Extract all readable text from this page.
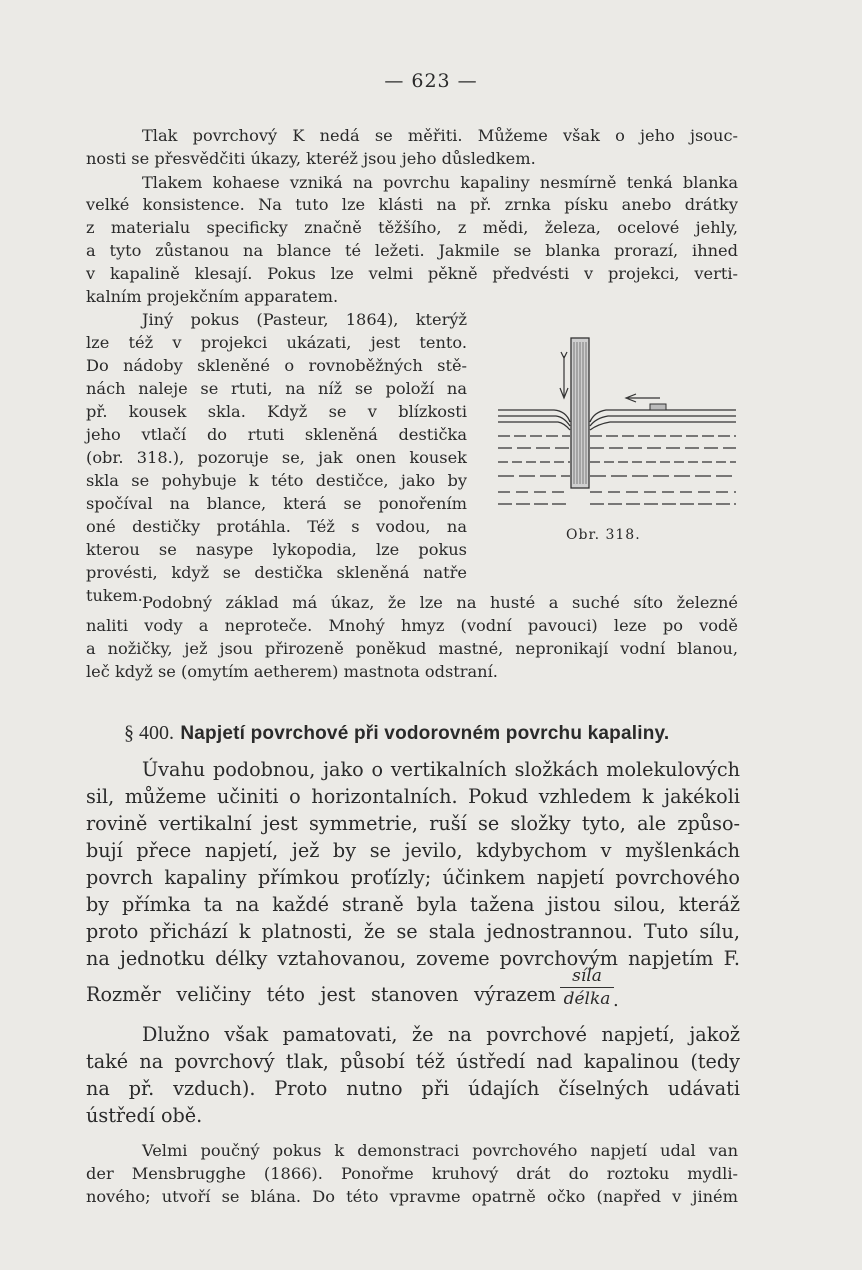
— 623 —
Tlak povrchový K nedá se měřiti. Můžeme však o jeho jsouc-
nosti se přesvědčiti úkazy, kteréž jsou jeho důsledkem.
Tlakem kohaese vzniká na povrchu kapaliny nesmírně tenká blanka
velké konsistence. Na tuto lze klásti na př. zrnka písku anebo drátky
z materialu specificky značně těžšího, z mědi, železa, ocelové jehly,
a tyto zůstanou na blance té ležeti. Jakmile se blanka prorazí, ihned
v kapalině klesají. Pokus lze velmi pěkně předvésti v projekci, verti-
kalním projekčním apparatem.
Jiný pokus (Pasteur, 1864), kterýž
lze též v projekci ukázati, jest tento.
Do nádoby skleněné o rovnoběžných stě-
nách naleje se rtuti, na níž se položí na
př. kousek skla. Když se v blízkosti
jeho vtlačí do rtuti skleněná destička
(obr. 318.), pozoruje se, jak onen kousek
skla se pohybuje k této destičce, jako by
spočíval na blance, která se ponořením
oné destičky protáhla. Též s vodou, na
kterou se nasype lykopodia, lze pokus
provésti, když se destička skleněná natře
tukem.
Obr. 318.
Podobný základ má úkaz, že lze na husté a suché síto železné
naliti vody a neproteče. Mnohý hmyz (vodní pavouci) leze po vodě
a nožičky, jež jsou přirozeně poněkud mastné, nepronikají vodní blanou,
leč když se (omytím aetherem) mastnota odstraní.
§ 400. Napjetí povrchové při vodorovném povrchu kapaliny.
Úvahu podobnou, jako o vertikalních složkách molekulových
sil, můžeme učiniti o horizontalních. Pokud vzhledem k jakékoli
rovině vertikalní jest symmetrie, ruší se složky tyto, ale způso-
bují přece napjetí, jež by se jevilo, kdybychom v myšlenkách
povrch kapaliny přímkou proťízly; účinkem napjetí povrchového
by přímka ta na každé straně byla tažena jistou silou, kteráž
proto přichází k platnosti, že se stala jednostrannou. Tuto sílu,
na jednotku délky vztahovanou, zoveme povrchovým napjetím F.
Rozměr veličiny této jest stanoven výrazem
síla
délka .
Dlužno však pamatovati, že na povrchové napjetí, jakož
také na povrchový tlak, působí též ústředí nad kapalinou (tedy
na př. vzduch). Proto nutno při údajích číselných udávati
ústředí obě.
Velmi poučný pokus k demonstraci povrchového napjetí udal van
der Mensbrugghe (1866). Ponořme kruhový drát do roztoku mydli-
nového; utvoří se blána. Do této vpravme opatrně očko (napřed v jiném
